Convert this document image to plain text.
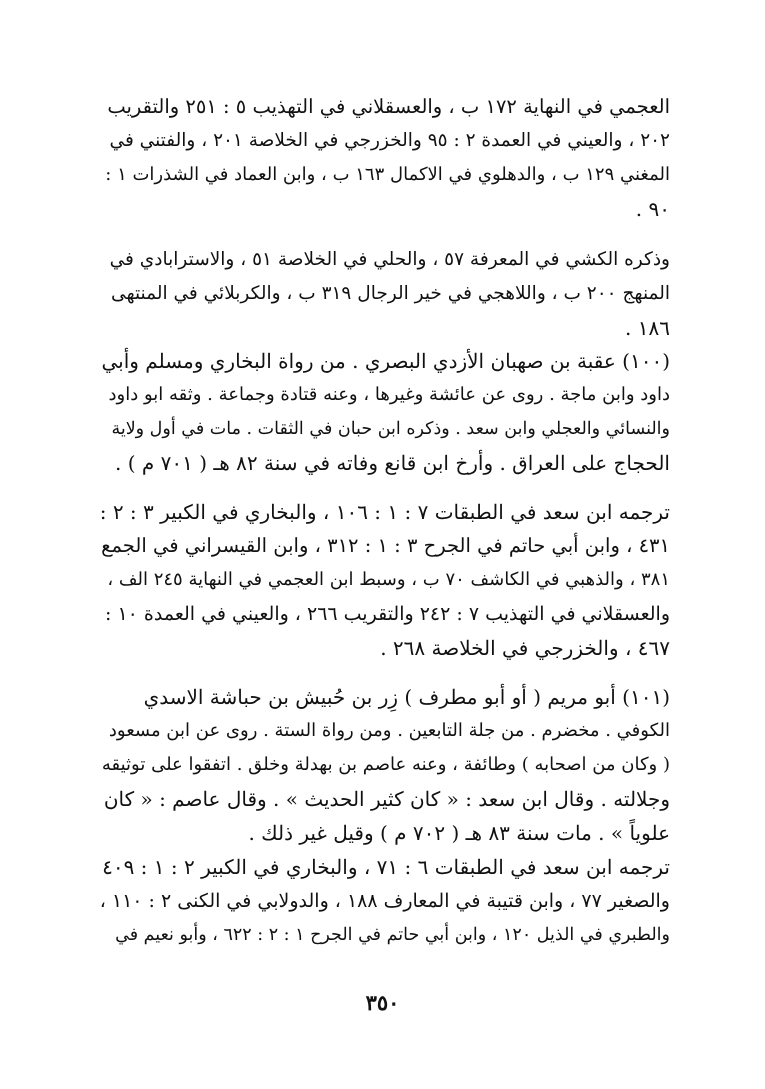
العجمي في النهاية ١٧٢ ب ، والعسقلاني في التهذيب ٥ : ٢٥١ والتقريب
٢٠٢ ، والعيني في العمدة ٢ : ٩٥ والخزرجي في الخلاصة ٢٠١ ، والفتني في
المغني ١٢٩ ب ، والدهلوي في الاكمال ١٦٣ ب ، وابن العماد في الشذرات ١ :
٩٠ .
وذكره الكشي في المعرفة ٥٧ ، والحلي في الخلاصة ٥١ ، والاسترابادي في
المنهج ٢٠٠ ب ، واللاهجي في خير الرجال ٣١٩ ب ، والكربلائي في المنتهى
١٨٦ .
(١٠٠) عقبة بن صهبان الأزدي البصري . من رواة البخاري ومسلم وأبي
داود وابن ماجة . روى عن عائشة وغيرها ، وعنه قتادة وجماعة . وثقه ابو داود
والنسائي والعجلي وابن سعد . وذكره ابن حبان في الثقات . مات في أول ولاية
الحجاج على العراق . وأرخ ابن قانع وفاته في سنة ٨٢ هـ ( ٧٠١ م ) .
ترجمه ابن سعد في الطبقات ٧ : ١ : ١٠٦ ، والبخاري في الكبير ٣ : ٢ :
٤٣١ ، وابن أبي حاتم في الجرح ٣ : ١ : ٣١٢ ، وابن القيسراني في الجمع
٣٨١ ، والذهبي في الكاشف ٧٠ ب ، وسبط ابن العجمي في النهاية ٢٤٥ الف ،
والعسقلاني في التهذيب ٧ : ٢٤٢ والتقريب ٢٦٦ ، والعيني في العمدة ١٠ :
٤٦٧ ، والخزرجي في الخلاصة ٢٦٨ .
(١٠١) أبو مريم ( أو أبو مطرف ) زِر بن حُبيش بن حباشة الاسدي
الكوفي . مخضرم . من جلة التابعين . ومن رواة الستة . روى عن ابن مسعود
( وكان من اصحابه ) وطائفة ، وعنه عاصم بن بهدلة وخلق . اتفقوا على توثيقه
وجلالته . وقال ابن سعد : « كان كثير الحديث » . وقال عاصم : « كان
علوياً » . مات سنة ٨٣ هـ ( ٧٠٢ م ) وقيل غير ذلك .
ترجمه ابن سعد في الطبقات ٦ : ٧١ ، والبخاري في الكبير ٢ : ١ : ٤٠٩
والصغير ٧٧ ، وابن قتيبة في المعارف ١٨٨ ، والدولابي في الكنى ٢ : ١١٠ ،
والطبري في الذيل ١٢٠ ، وابن أبي حاتم في الجرح ١ : ٢ : ٦٢٢ ، وأبو نعيم في
٣٥٠
